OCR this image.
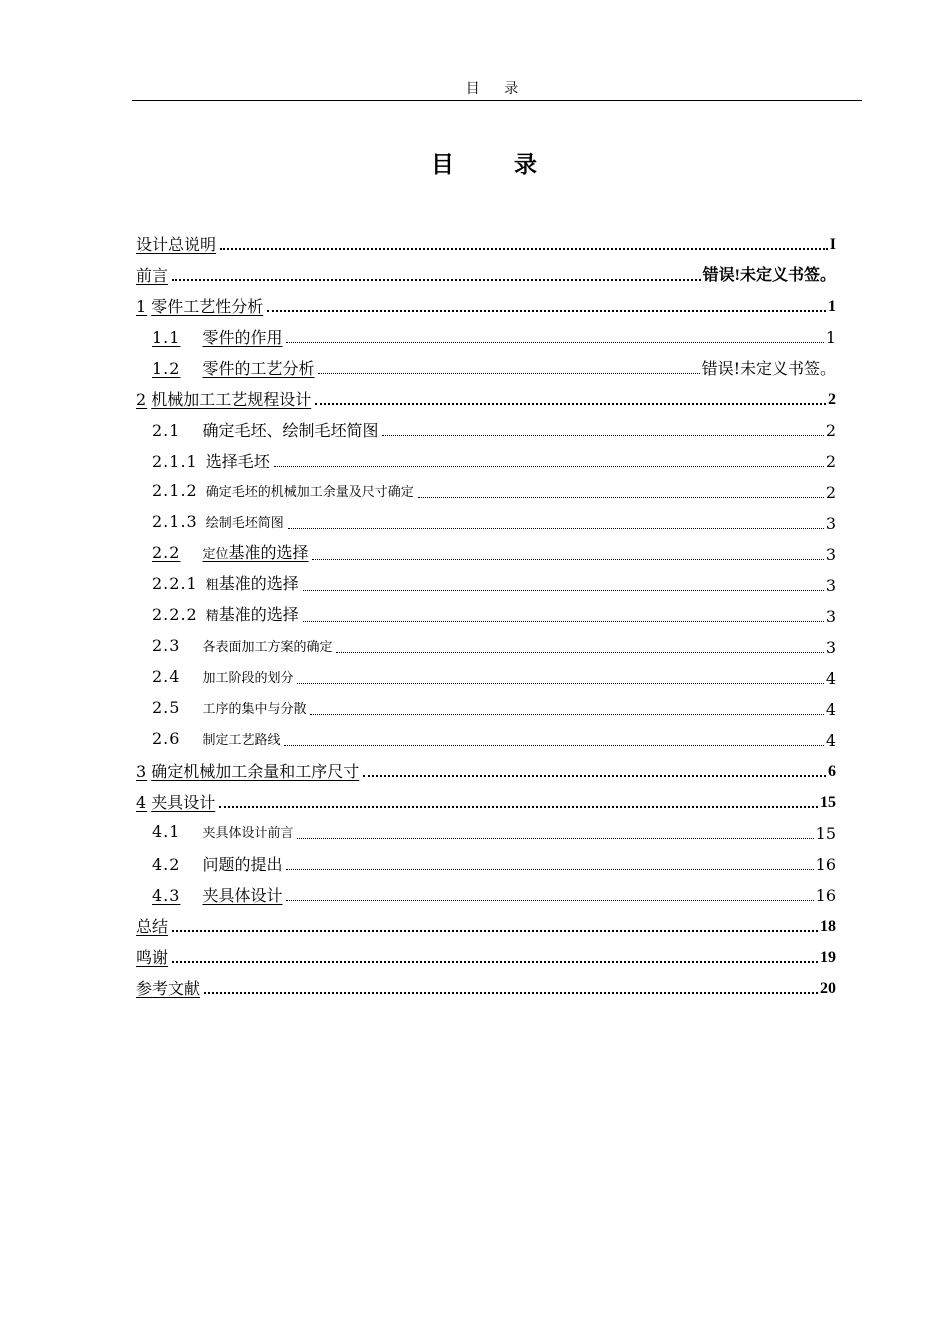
目 录
目 录
设计总说明	I
前言	错误!未定义书签。
1 零件工艺性分析	1
1.1 零件的作用	1
1.2 零件的工艺分析	错误!未定义书签。
2 机械加工工艺规程设计	2
2.1 确定毛坯、绘制毛坯简图	2
2.1.1 选择毛坯	2
2.1.2 确定毛坯的机械加工余量及尺寸确定	2
2.1.3 绘制毛坯简图	3
2.2 定位基准的选择	3
2.2.1 粗基准的选择	3
2.2.2 精基准的选择	3
2.3 各表面加工方案的确定	3
2.4 加工阶段的划分	4
2.5 工序的集中与分散	4
2.6 制定工艺路线	4
3 确定机械加工余量和工序尺寸	6
4 夹具设计	15
4.1 夹具体设计前言	15
4.2 问题的提出	16
4.3 夹具体设计	16
总结	18
鸣谢	19
参考文献	20
